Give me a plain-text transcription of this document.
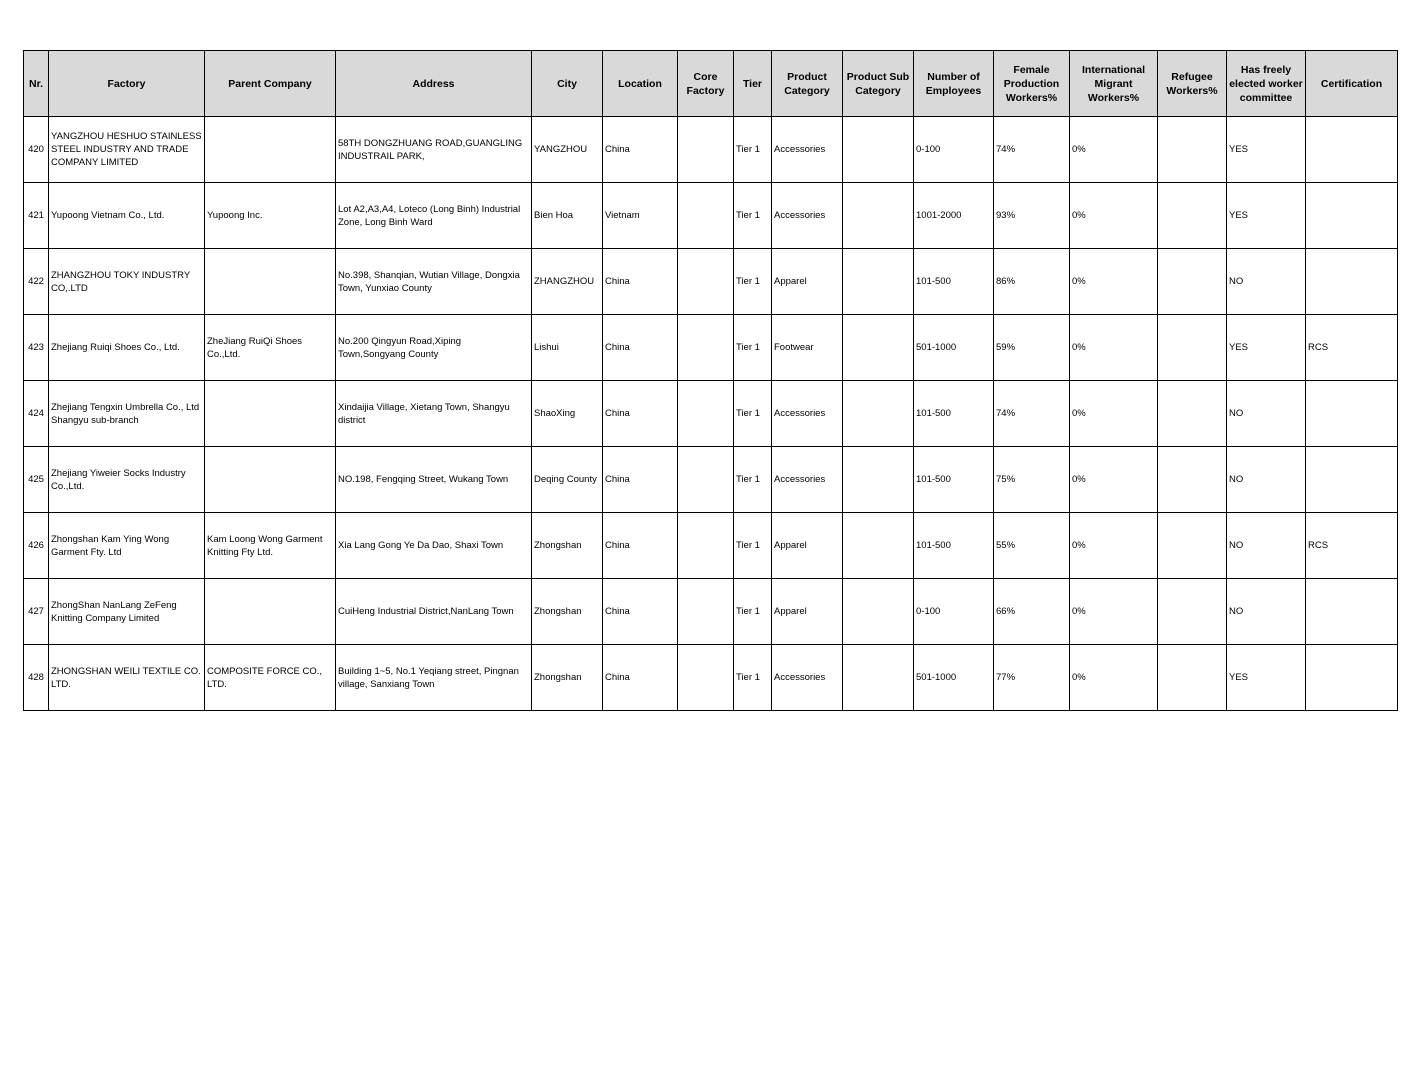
Nr.	Factory	Parent Company	Address	City	Location	Core Factory	Tier	Product Category	Product Sub Category	Number of Employees	Female Production Workers%	International Migrant Workers%	Refugee Workers%	Has freely elected worker committee	Certification
420	YANGZHOU HESHUO STAINLESS STEEL INDUSTRY AND TRADE COMPANY LIMITED		58TH DONGZHUANG ROAD,GUANGLING INDUSTRAIL PARK,	YANGZHOU	China		Tier 1	Accessories		0-100	74%	0%		YES	
421	Yupoong Vietnam Co., Ltd.	Yupoong Inc.	Lot A2,A3,A4, Loteco (Long Binh) Industrial Zone, Long Binh Ward	Bien Hoa	Vietnam		Tier 1	Accessories		1001-2000	93%	0%		YES	
422	ZHANGZHOU TOKY INDUSTRY CO,.LTD		No.398, Shanqian, Wutian Village, Dongxia Town, Yunxiao County	ZHANGZHOU	China		Tier 1	Apparel		101-500	86%	0%		NO	
423	Zhejiang Ruiqi Shoes Co., Ltd.	ZheJiang RuiQi Shoes Co.,Ltd.	No.200 Qingyun Road,Xiping Town,Songyang County	Lishui	China		Tier 1	Footwear		501-1000	59%	0%		YES	RCS
424	Zhejiang Tengxin Umbrella Co., Ltd Shangyu sub-branch		Xindaijia Village, Xietang Town, Shangyu district	ShaoXing	China		Tier 1	Accessories		101-500	74%	0%		NO	
425	Zhejiang Yiweier Socks Industry Co.,Ltd.		NO.198, Fengqing Street, Wukang Town	Deqing County	China		Tier 1	Accessories		101-500	75%	0%		NO	
426	Zhongshan Kam Ying Wong Garment Fty. Ltd	Kam Loong Wong Garment Knitting Fty Ltd.	Xia Lang Gong Ye Da Dao, Shaxi Town	Zhongshan	China		Tier 1	Apparel		101-500	55%	0%		NO	RCS
427	ZhongShan NanLang ZeFeng Knitting Company Limited		CuiHeng Industrial District,NanLang Town	Zhongshan	China		Tier 1	Apparel		0-100	66%	0%		NO	
428	ZHONGSHAN WEILI TEXTILE CO. LTD.	COMPOSITE FORCE CO., LTD.	Building 1~5, No.1 Yeqiang street, Pingnan village, Sanxiang Town	Zhongshan	China		Tier 1	Accessories		501-1000	77%	0%		YES	
